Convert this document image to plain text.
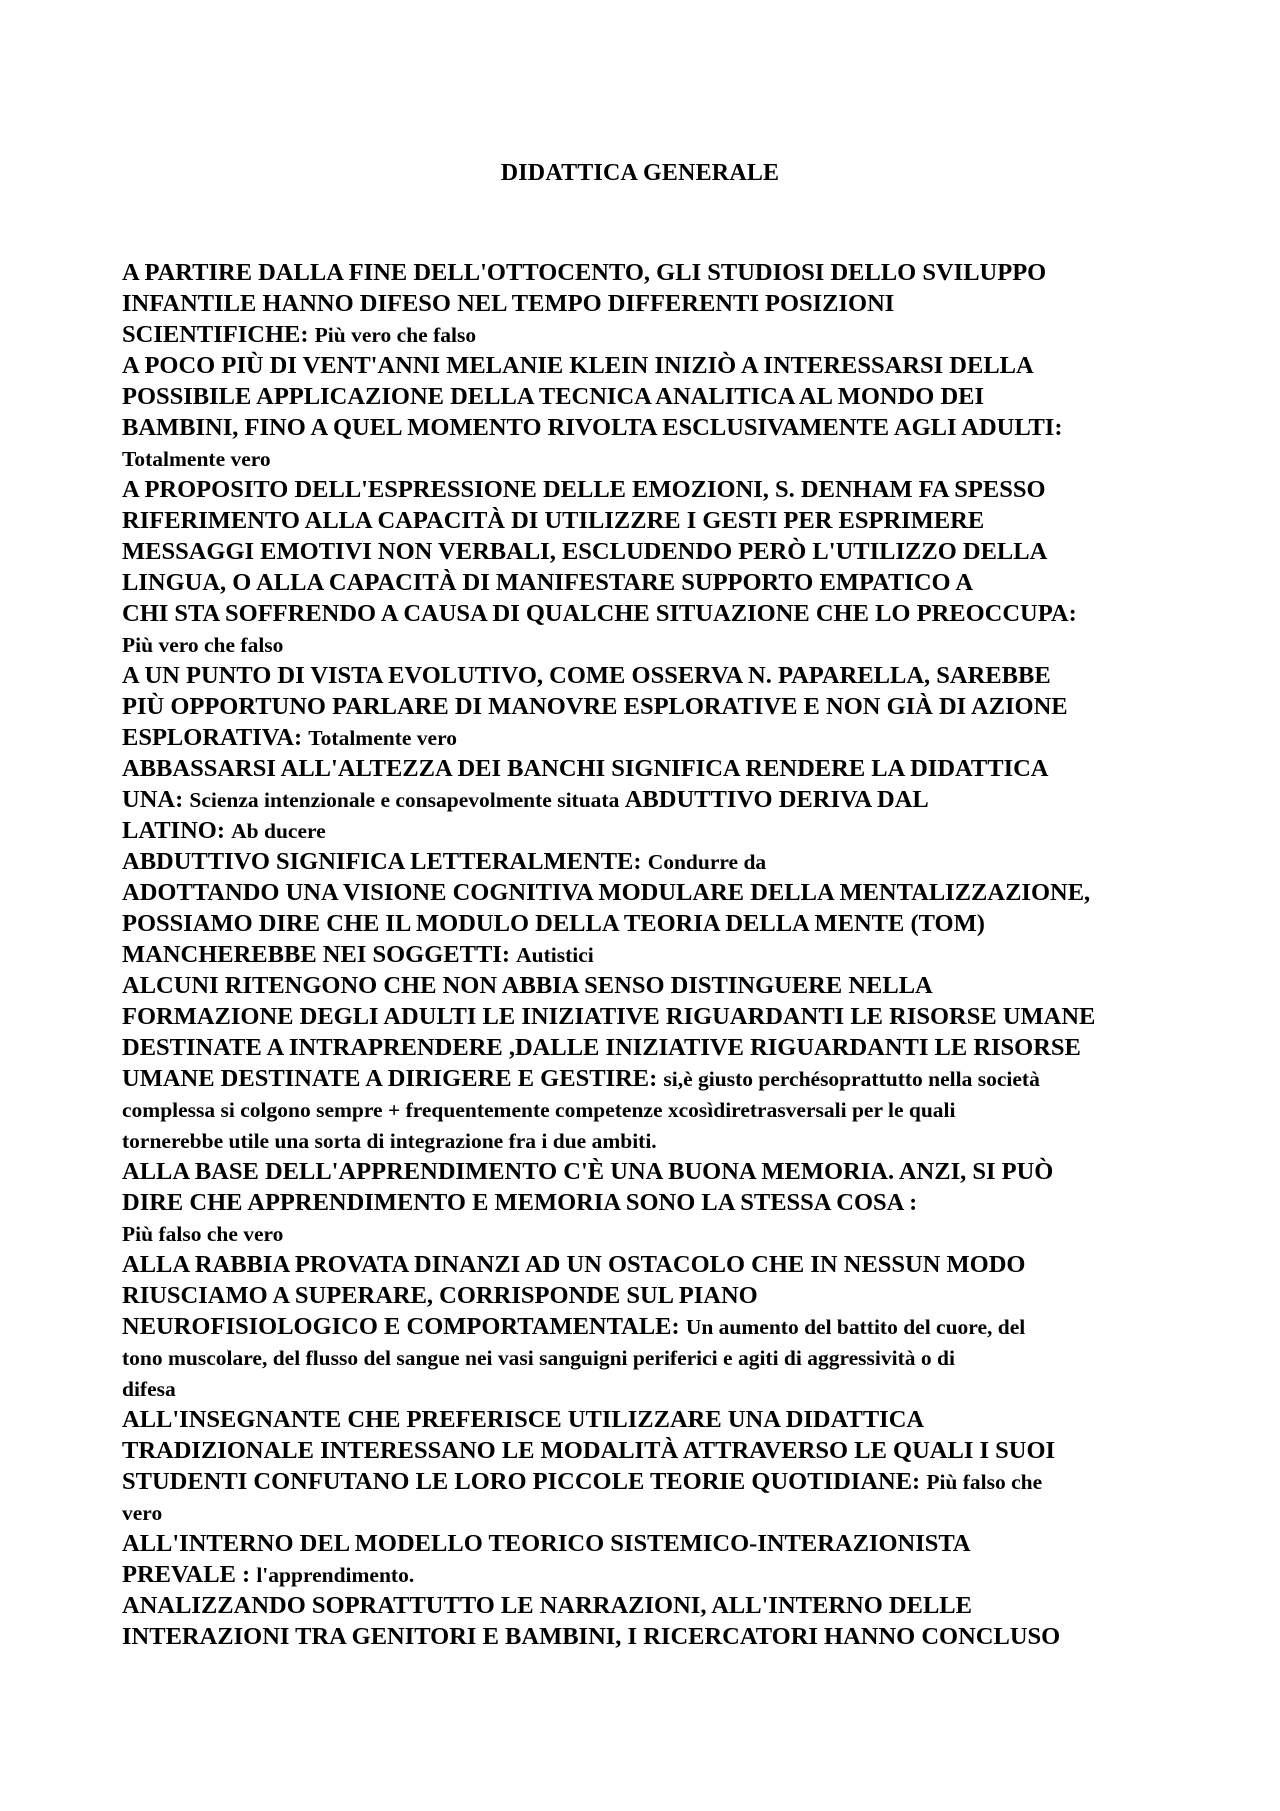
DIDATTICA GENERALE
A PARTIRE DALLA FINE DELL'OTTOCENTO, GLI STUDIOSI DELLO SVILUPPO
INFANTILE HANNO DIFESO NEL TEMPO DIFFERENTI POSIZIONI
SCIENTIFICHE: Più vero che falso
A POCO PIÙ DI VENT'ANNI MELANIE KLEIN INIZIÒ A INTERESSARSI DELLA
POSSIBILE APPLICAZIONE DELLA TECNICA ANALITICA AL MONDO DEI
BAMBINI, FINO A QUEL MOMENTO RIVOLTA ESCLUSIVAMENTE AGLI ADULTI:
Totalmente vero
A PROPOSITO DELL'ESPRESSIONE DELLE EMOZIONI, S. DENHAM FA SPESSO
RIFERIMENTO ALLA CAPACITÀ DI UTILIZZRE I GESTI PER ESPRIMERE
MESSAGGI EMOTIVI NON VERBALI, ESCLUDENDO PERÒ L'UTILIZZO DELLA
LINGUA, O ALLA CAPACITÀ DI MANIFESTARE SUPPORTO EMPATICO A
CHI STA SOFFRENDO A CAUSA DI QUALCHE SITUAZIONE CHE LO PREOCCUPA:
Più vero che falso
A UN PUNTO DI VISTA EVOLUTIVO, COME OSSERVA N. PAPARELLA, SAREBBE
PIÙ OPPORTUNO PARLARE DI MANOVRE ESPLORATIVE E NON GIÀ DI AZIONE
ESPLORATIVA: Totalmente vero
ABBASSARSI ALL'ALTEZZA DEI BANCHI SIGNIFICA RENDERE LA DIDATTICA
UNA: Scienza intenzionale e consapevolmente situata ABDUTTIVO DERIVA DAL
LATINO: Ab ducere
ABDUTTIVO SIGNIFICA LETTERALMENTE: Condurre da
ADOTTANDO UNA VISIONE COGNITIVA MODULARE DELLA MENTALIZZAZIONE,
POSSIAMO DIRE CHE IL MODULO DELLA TEORIA DELLA MENTE (TOM)
MANCHEREBBE NEI SOGGETTI: Autistici
ALCUNI RITENGONO CHE NON ABBIA SENSO DISTINGUERE NELLA
FORMAZIONE DEGLI ADULTI LE INIZIATIVE RIGUARDANTI LE RISORSE UMANE
DESTINATE A INTRAPRENDERE ,DALLE INIZIATIVE RIGUARDANTI LE RISORSE
UMANE DESTINATE A DIRIGERE E GESTIRE: si,è giusto perchésoprattutto nella società
complessa si colgono sempre + frequentemente competenze xcosìdiretrasversali per le quali
tornerebbe utile una sorta di integrazione fra i due ambiti.
ALLA BASE DELL'APPRENDIMENTO C'È UNA BUONA MEMORIA. ANZI, SI PUÒ
DIRE CHE APPRENDIMENTO E MEMORIA SONO LA STESSA COSA :
Più falso che vero
ALLA RABBIA PROVATA DINANZI AD UN OSTACOLO CHE IN NESSUN MODO
RIUSCIAMO A SUPERARE, CORRISPONDE SUL PIANO
NEUROFISIOLOGICO E COMPORTAMENTALE: Un aumento del battito del cuore, del
tono muscolare, del flusso del sangue nei vasi sanguigni periferici e agiti di aggressività o di
difesa
ALL'INSEGNANTE CHE PREFERISCE UTILIZZARE UNA DIDATTICA
TRADIZIONALE INTERESSANO LE MODALITÀ ATTRAVERSO LE QUALI I SUOI
STUDENTI CONFUTANO LE LORO PICCOLE TEORIE QUOTIDIANE: Più falso che
vero
ALL'INTERNO DEL MODELLO TEORICO SISTEMICO-INTERAZIONISTA
PREVALE : l'apprendimento.
ANALIZZANDO SOPRATTUTTO LE NARRAZIONI, ALL'INTERNO DELLE
INTERAZIONI TRA GENITORI E BAMBINI, I RICERCATORI HANNO CONCLUSO
